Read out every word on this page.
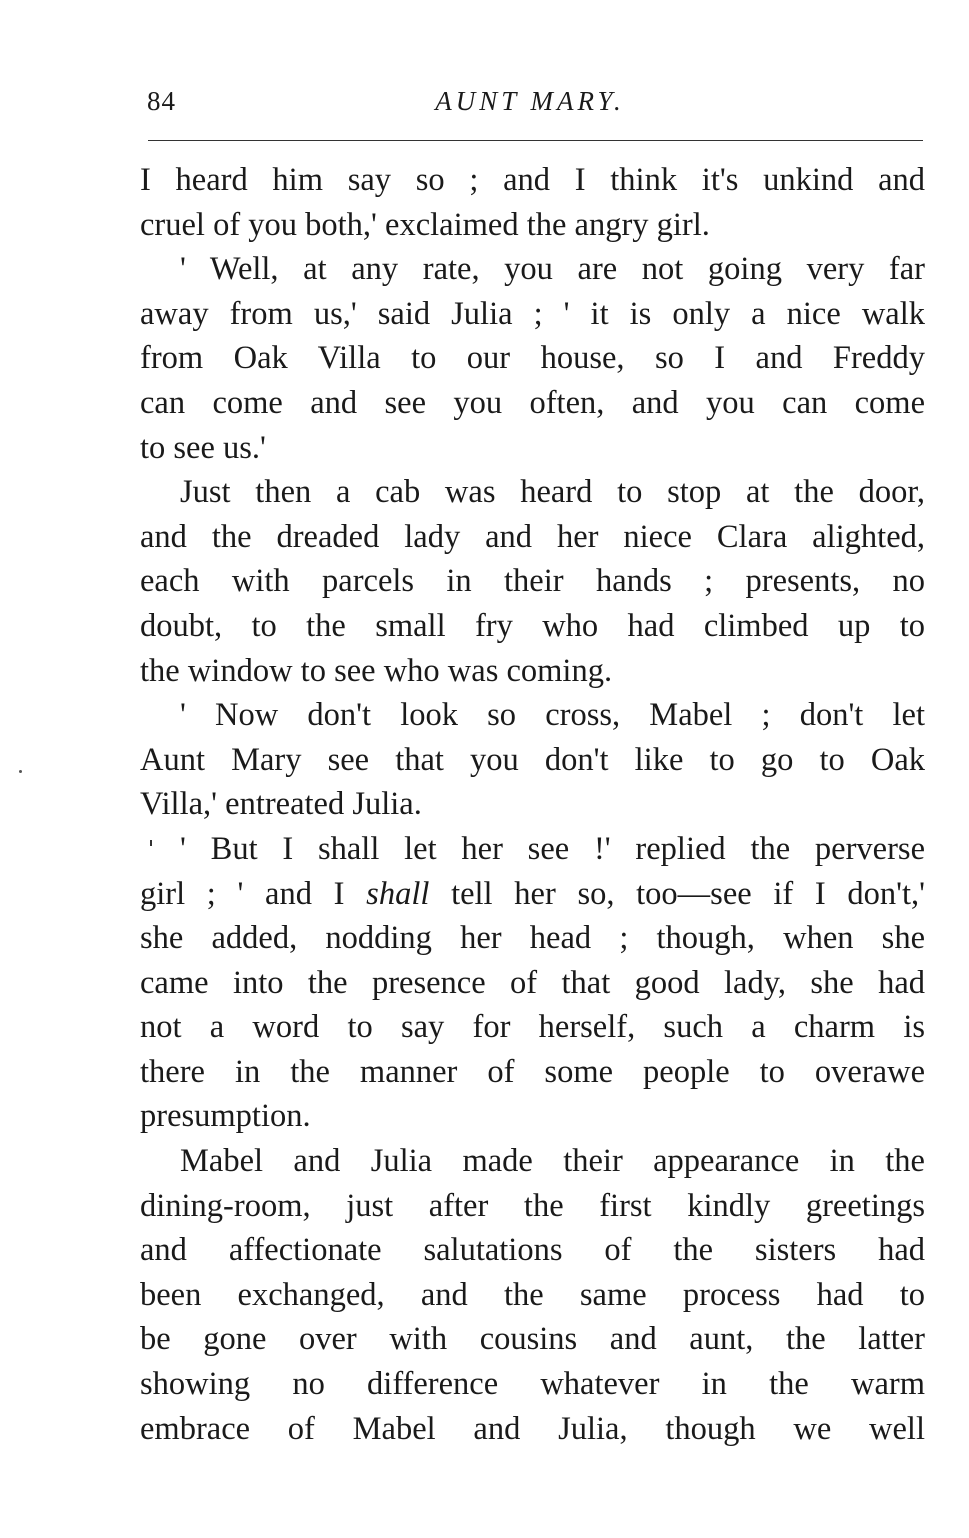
84	AUNT MARY.
I heard him say so ; and I think it's unkind and
cruel of you both,' exclaimed the angry girl.
' Well, at any rate, you are not going very far
away from us,' said Julia ; ' it is only a nice walk
from Oak Villa to our house, so I and Freddy
can come and see you often, and you can come
to see us.'
Just then a cab was heard to stop at the door,
and the dreaded lady and her niece Clara alighted,
each with parcels in their hands ; presents, no
doubt, to the small fry who had climbed up to
the window to see who was coming.
' Now don't look so cross, Mabel ; don't let
Aunt Mary see that you don't like to go to Oak
Villa,' entreated Julia.
' But I shall let her see !' replied the perverse
girl ; ' and I shall tell her so, too—see if I don't,'
she added, nodding her head ; though, when she
came into the presence of that good lady, she had
not a word to say for herself, such a charm is
there in the manner of some people to overawe
presumption.
Mabel and Julia made their appearance in the
dining-room, just after the first kindly greetings
and affectionate salutations of the sisters had
been exchanged, and the same process had to
be gone over with cousins and aunt, the latter
showing no difference whatever in the warm
embrace of Mabel and Julia, though we well
